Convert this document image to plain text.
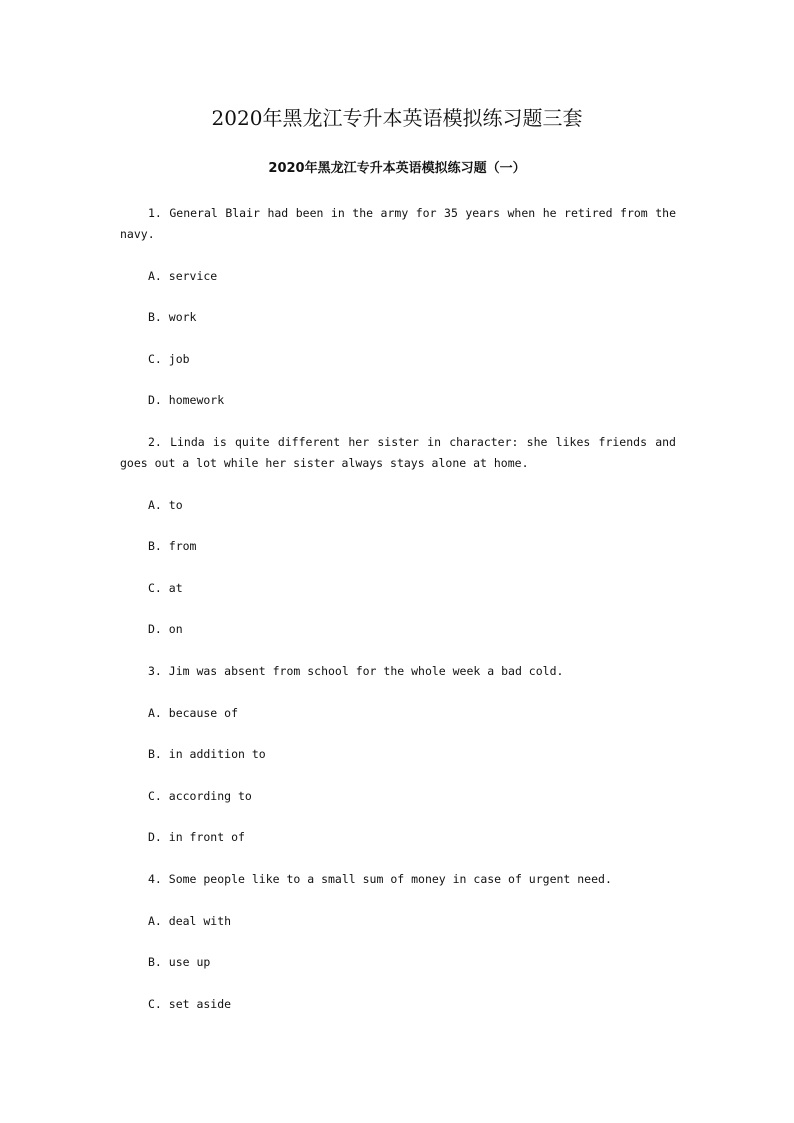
2020年黑龙江专升本英语模拟练习题三套
2020年黑龙江专升本英语模拟练习题（一）

1. General Blair had been in the army for 35 years when he retired from the navy.

A. service

B. work

C. job

D. homework

2. Linda is quite different her sister in character: she likes friends and goes out a lot while her sister always stays alone at home.

A. to

B. from

C. at

D. on

3. Jim was absent from school for the whole week a bad cold.

A. because of

B. in addition to

C. according to

D. in front of

4. Some people like to a small sum of money in case of urgent need.

A. deal with

B. use up

C. set aside
